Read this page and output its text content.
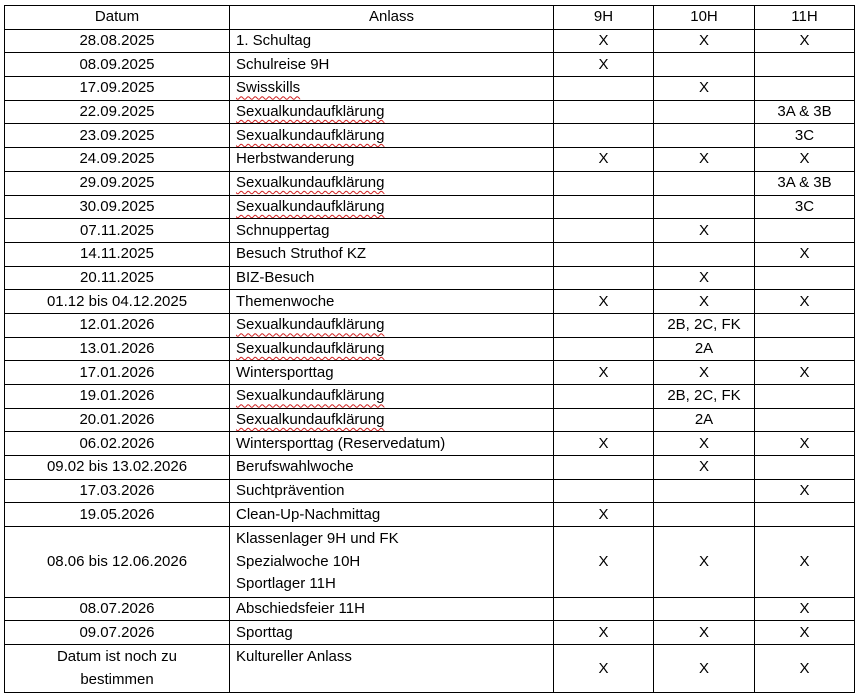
Datum	Anlass	9H	10H	11H
28.08.2025	1. Schultag	X	X	X
08.09.2025	Schulreise 9H	X		
17.09.2025	Swisskills		X	
22.09.2025	Sexualkundaufklärung			3A & 3B
23.09.2025	Sexualkundaufklärung			3C
24.09.2025	Herbstwanderung	X	X	X
29.09.2025	Sexualkundaufklärung			3A & 3B
30.09.2025	Sexualkundaufklärung			3C
07.11.2025	Schnuppertag		X	
14.11.2025	Besuch Struthof KZ			X
20.11.2025	BIZ-Besuch		X	
01.12 bis 04.12.2025	Themenwoche	X	X	X
12.01.2026	Sexualkundaufklärung		2B, 2C, FK	
13.01.2026	Sexualkundaufklärung		2A	
17.01.2026	Wintersporttag	X	X	X
19.01.2026	Sexualkundaufklärung		2B, 2C, FK	
20.01.2026	Sexualkundaufklärung		2A	
06.02.2026	Wintersporttag (Reservedatum)	X	X	X
09.02 bis 13.02.2026	Berufswahlwoche		X	
17.03.2026	Suchtprävention			X
19.05.2026	Clean-Up-Nachmittag	X		
08.06 bis 12.06.2026	Klassenlager 9H und FK
Spezialwoche 10H
Sportlager 11H	X	X	X
08.07.2026	Abschiedsfeier 11H			X
09.07.2026	Sporttag	X	X	X

Datum ist noch zu
bestimmen	Kultureller Anlass	X	X	X
